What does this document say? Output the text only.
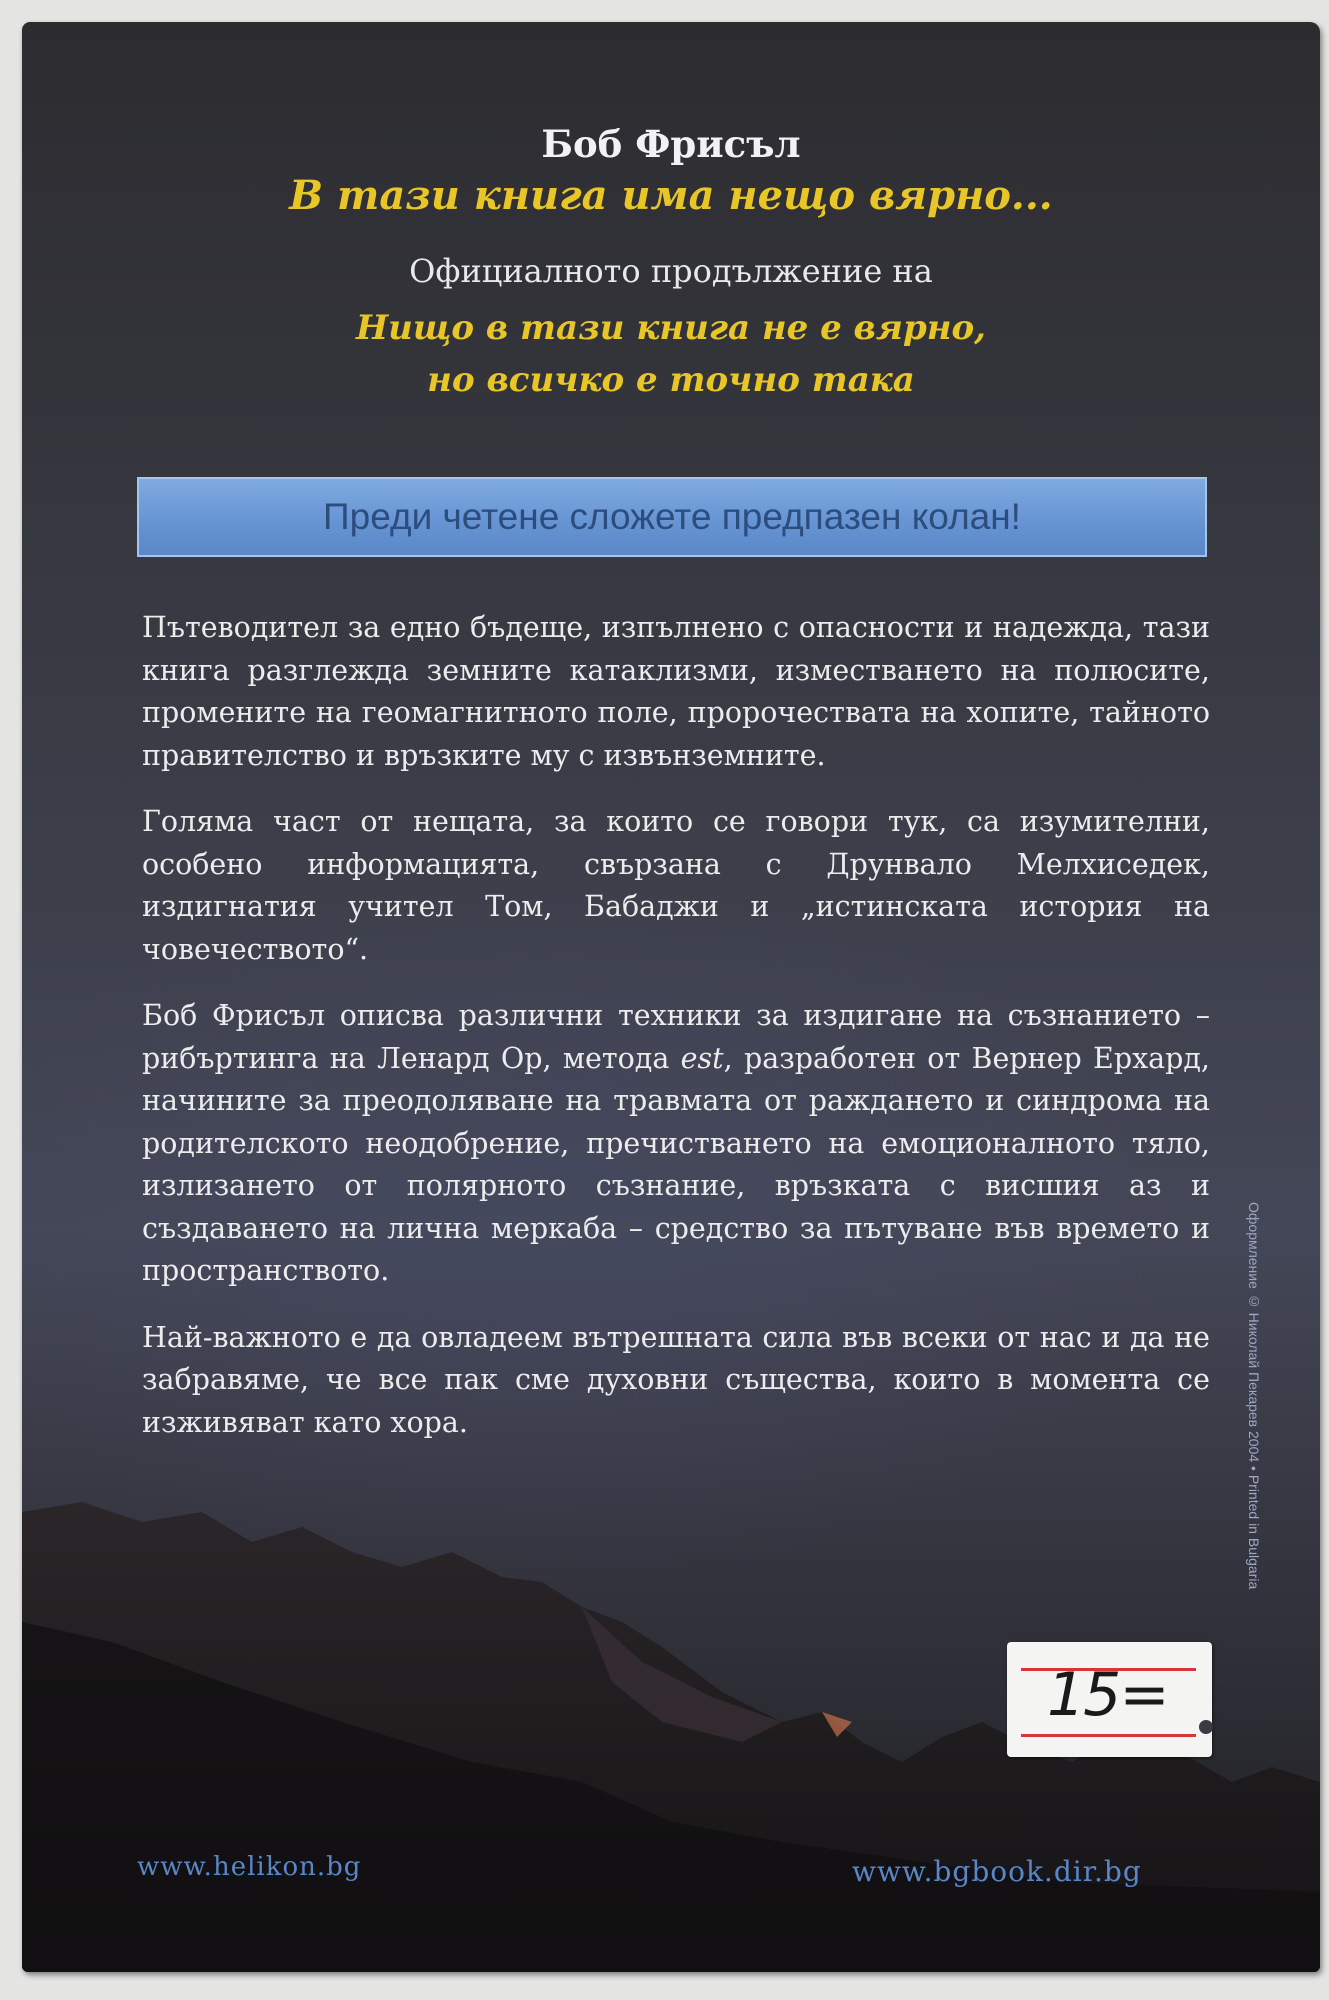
Боб Фрисъл
В тази книга има нещо вярно...
Официалното продължение на
Нищо в тази книга не е вярно,
но всичко е точно така
Преди четене сложете предпазен колан!

Пътеводител за едно бъдеще, изпълнено с опасности и надежда, тази книга разглежда земните катаклизми, изместването на полюсите, промените на геомагнитното поле, пророчествата на хопите, тайното правителство и връзките му с извънземните.

Голяма част от нещата, за които се говори тук, са изумителни, особено информацията, свързана с Друнвало Мелхиседек, издигнатия учител Том, Бабаджи и „истинската история на човечеството“.

Боб Фрисъл описва различни техники за издигане на съзнанието – рибъртинга на Ленард Ор, метода est, разработен от Вернер Ерхард, начините за преодоляване на травмата от раждането и синдрома на родителското неодобрение, пречистването на емоционалното тяло, излизането от полярното съзнание, връзката с висшия аз и създаването на лична меркаба – средство за пътуване във времето и пространството.

Най-важното е да овладеем вътрешната сила във всеки от нас и да не забравяме, че все пак сме духовни същества, които в момента се изживяват като хора.	Оформление © Николай Пекарев 2004 • Printed in Bulgaria
15=
www.helikon.bg	www.bgbook.dir.bg
